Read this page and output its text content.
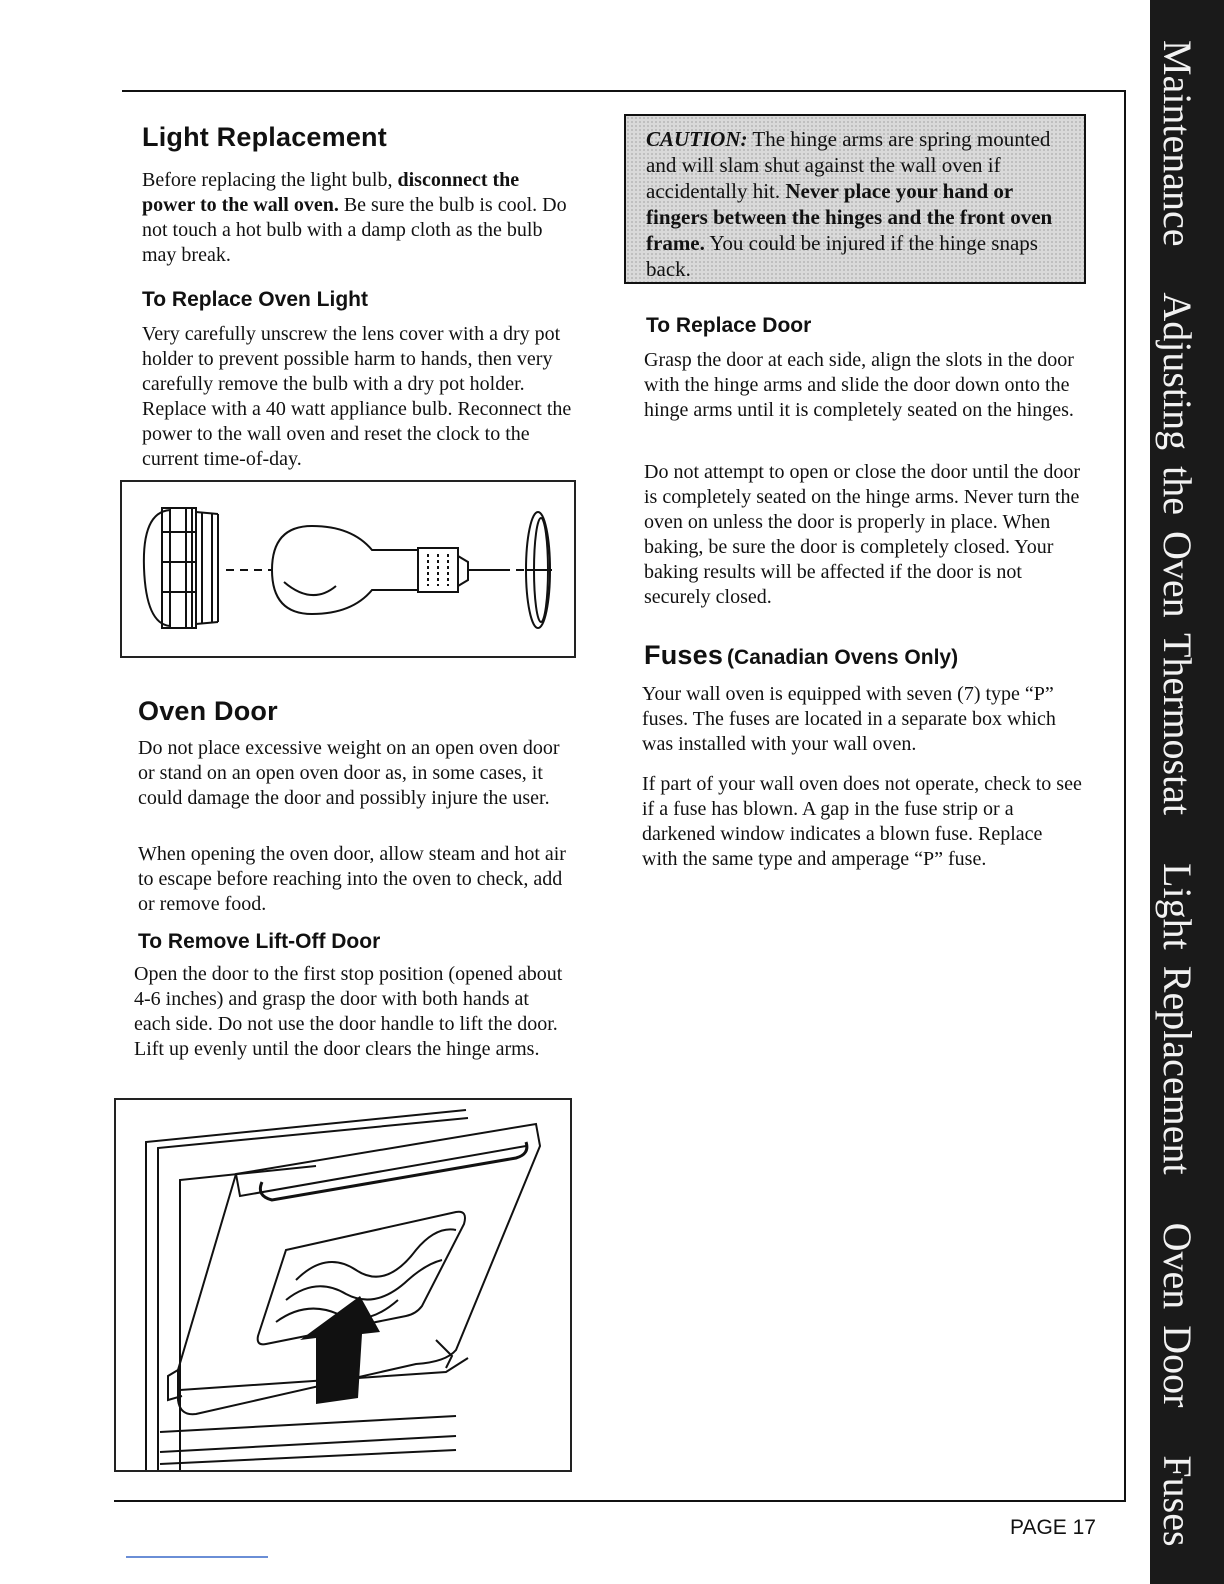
Maintenance   Adjusting the Oven Thermostat   Light Replacement   Oven Door   Fuses
Light Replacement

Before replacing the light bulb, disconnect the power to the wall oven. Be sure the bulb is cool. Do not touch a hot bulb with a damp cloth as the bulb may break.

To Replace Oven Light

Very carefully unscrew the lens cover with a dry pot holder to prevent possible harm to hands, then very carefully remove the bulb with a dry pot holder. Replace with a 40 watt appliance bulb. Reconnect the power to the wall oven and reset the clock to the current time-of-day.

Oven Door

Do not place excessive weight on an open oven door or stand on an open oven door as, in some cases, it could damage the door and possibly injure the user.

When opening the oven door, allow steam and hot air to escape before reaching into the oven to check, add or remove food.

To Remove Lift-Off Door

Open the door to the first stop position (opened about 4-6 inches) and grasp the door with both hands at each side. Do not use the door handle to lift the door. Lift up evenly until the door clears the hinge arms.

CAUTION: The hinge arms are spring mounted and will slam shut against the wall oven if accidentally hit. Never place your hand or fingers between the hinges and the front oven frame. You could be injured if the hinge snaps back.

To Replace Door

Grasp the door at each side, align the slots in the door with the hinge arms and slide the door down onto the hinge arms until it is completely seated on the hinges.

Do not attempt to open or close the door until the door is completely seated on the hinge arms. Never turn the oven on unless the door is properly in place. When baking, be sure the door is completely closed. Your baking results will be affected if the door is not securely closed.

Fuses (Canadian Ovens Only)

Your wall oven is equipped with seven (7) type “P” fuses. The fuses are located in a separate box which was installed with your wall oven.

If part of your wall oven does not operate, check to see if a fuse has blown. A gap in the fuse strip or a darkened window indicates a blown fuse. Replace with the same type and amperage “P” fuse.

PAGE 17
